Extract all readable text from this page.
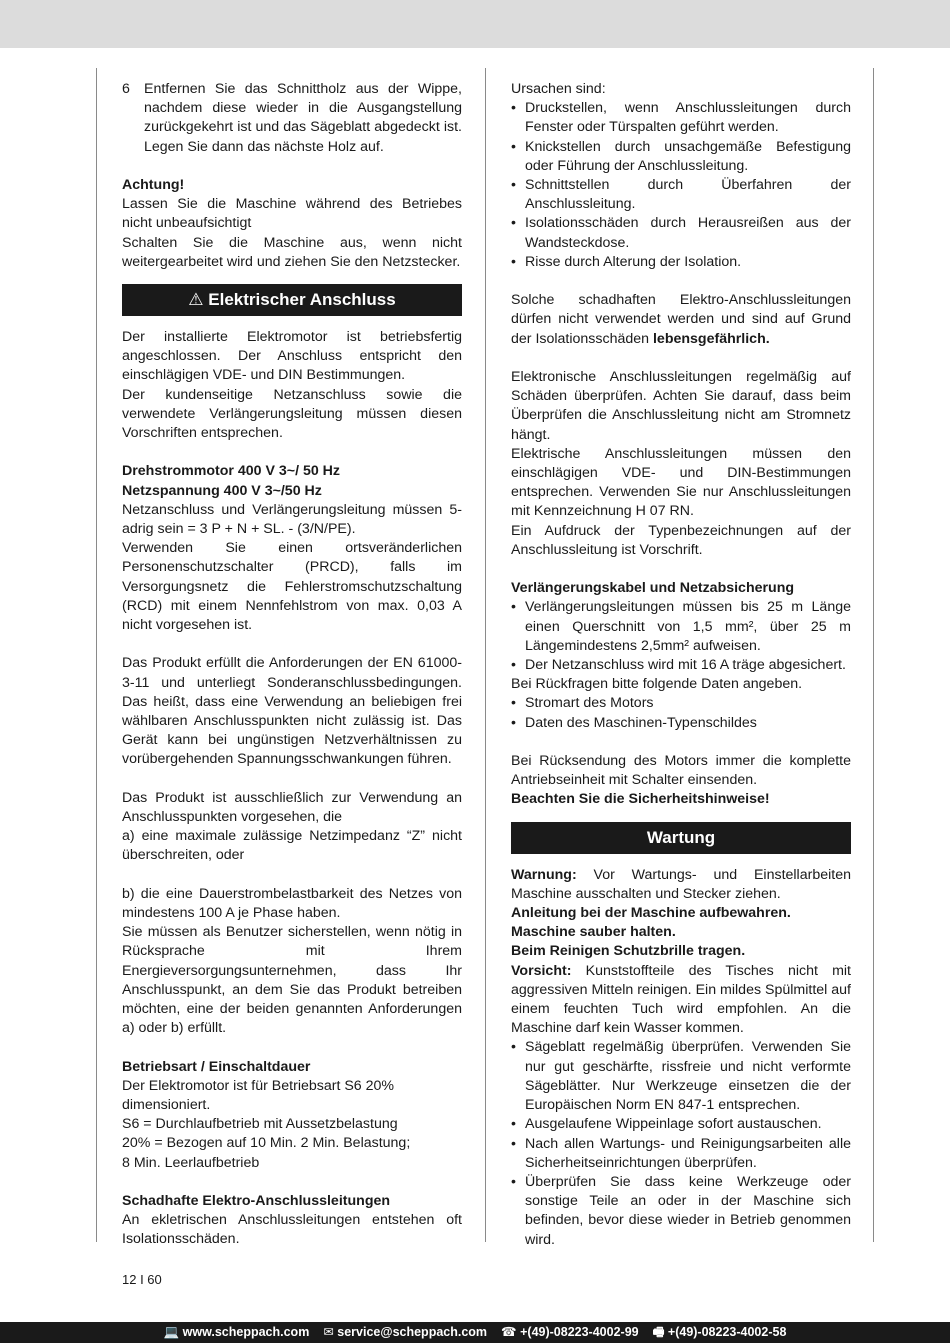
6 Entfernen Sie das Schnittholz aus der Wippe, nachdem diese wieder in die Ausgangstellung zurückgekehrt ist und das Sägeblatt abgedeckt ist. Legen Sie dann das nächste Holz auf.

Achtung!

Lassen Sie die Maschine während des Betriebes nicht unbeaufsichtigt

Schalten Sie die Maschine aus, wenn nicht weitergearbeitet wird und ziehen Sie den Netzstecker.

⚠ Elektrischer Anschluss

Der installierte Elektromotor ist betriebsfertig angeschlossen. Der Anschluss entspricht den einschlägigen VDE- und DIN Bestimmungen.

Der kundenseitige Netzanschluss sowie die verwendete Verlängerungsleitung müssen diesen Vorschriften entsprechen.

Drehstrommotor 400 V 3~/ 50 Hz

Netzspannung 400 V 3~/50 Hz

Netzanschluss und Verlängerungsleitung müssen 5-adrig sein = 3 P + N + SL. - (3/N/PE).

Verwenden Sie einen ortsveränderlichen Personenschutzschalter (PRCD), falls im Versorgungsnetz die Fehlerstromschutzschaltung (RCD) mit einem Nennfehlstrom von max. 0,03 A nicht vorgesehen ist.

Das Produkt erfüllt die Anforderungen der EN 61000-3-11 und unterliegt Sonderanschlussbedingungen. Das heißt, dass eine Verwendung an beliebigen frei wählbaren Anschlusspunkten nicht zulässig ist. Das Gerät kann bei ungünstigen Netzverhältnissen zu vorübergehenden Spannungsschwankungen führen.

Das Produkt ist ausschließlich zur Verwendung an Anschlusspunkten vorgesehen, die

a) eine maximale zulässige Netzimpedanz “Z” nicht überschreiten, oder

b) die eine Dauerstrombelastbarkeit des Netzes von mindestens 100 A je Phase haben.

Sie müssen als Benutzer sicherstellen, wenn nötig in Rücksprache mit Ihrem Energieversorgungsunternehmen, dass Ihr Anschlusspunkt, an dem Sie das Produkt betreiben möchten, eine der beiden genannten Anforderungen a) oder b) erfüllt.

Betriebsart / Einschaltdauer

Der Elektromotor ist für Betriebsart S6 20% dimensioniert.

S6 = Durchlaufbetrieb mit Aussetzbelastung

20% = Bezogen auf 10 Min. 2 Min. Belastung;

8 Min. Leerlaufbetrieb

Schadhafte Elektro-Anschlussleitungen

An ekletrischen Anschlussleitungen entstehen oft Isolationsschäden.

Ursachen sind:

• Druckstellen, wenn Anschlussleitungen durch Fenster oder Türspalten geführt werden.
• Knickstellen durch unsachgemäße Befestigung oder Führung der Anschlussleitung.
• Schnittstellen durch Überfahren der Anschlussleitung.
• Isolationsschäden durch Herausreißen aus der Wandsteckdose.
• Risse durch Alterung der Isolation.

Solche schadhaften Elektro-Anschlussleitungen dürfen nicht verwendet werden und sind auf Grund der Isolationsschäden lebensgefährlich.

Elektronische Anschlussleitungen regelmäßig auf Schäden überprüfen. Achten Sie darauf, dass beim Überprüfen die Anschlussleitung nicht am Stromnetz hängt.

Elektrische Anschlussleitungen müssen den einschlägigen VDE- und DIN-Bestimmungen entsprechen. Verwenden Sie nur Anschlussleitungen mit Kennzeichnung H 07 RN.

Ein Aufdruck der Typenbezeichnungen auf der Anschlussleitung ist Vorschrift.

Verlängerungskabel und Netzabsicherung

• Verlängerungsleitungen müssen bis 25 m Länge einen Querschnitt von 1,5 mm², über 25 m Längemindestens 2,5mm² aufweisen.
• Der Netzanschluss wird mit 16 A träge abgesichert.

Bei Rückfragen bitte folgende Daten angeben.

• Stromart des Motors
• Daten des Maschinen-Typenschildes

Bei Rücksendung des Motors immer die komplette Antriebseinheit mit Schalter einsenden.

Beachten Sie die Sicherheitshinweise!

Wartung

Warnung: Vor Wartungs- und Einstellarbeiten Maschine ausschalten und Stecker ziehen.

Anleitung bei der Maschine aufbewahren.

Maschine sauber halten.

Beim Reinigen Schutzbrille tragen.

Vorsicht: Kunststoffteile des Tisches nicht mit aggressiven Mitteln reinigen. Ein mildes Spülmittel auf einem feuchten Tuch wird empfohlen. An die Maschine darf kein Wasser kommen.

• Sägeblatt regelmäßig überprüfen. Verwenden Sie nur gut geschärfte, rissfreie und nicht verformte Sägeblätter. Nur Werkzeuge einsetzen die der Europäischen Norm EN 847-1 entsprechen.
• Ausgelaufene Wippeinlage sofort austauschen.
• Nach allen Wartungs- und Reinigungsarbeiten alle Sicherheitseinrichtungen überprüfen.
• Überprüfen Sie dass keine Werkzeuge oder sonstige Teile an oder in der Maschine sich befinden, bevor diese wieder in Betrieb genommen wird.
12 I 60
💻 www.scheppach.com ✉ service@scheppach.com ☎ +(49)-08223-4002-99 🖷 +(49)-08223-4002-58
